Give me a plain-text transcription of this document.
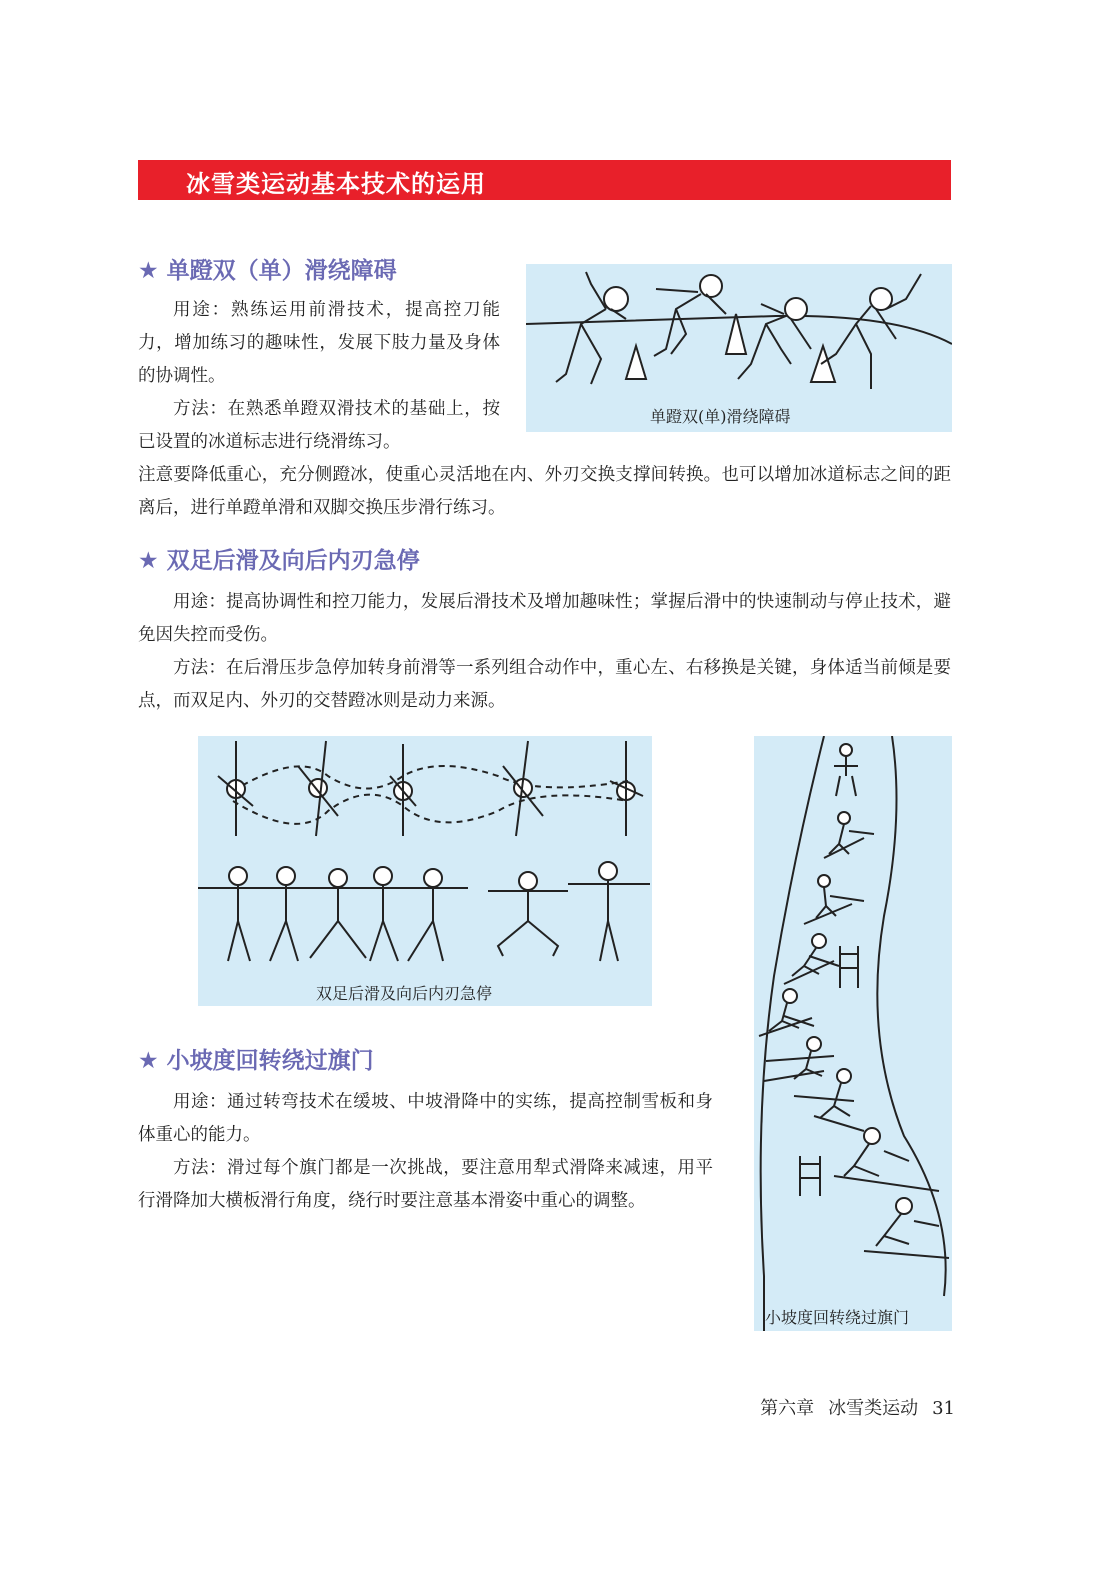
冰雪类运动基本技术的运用
★ 单蹬双（单）滑绕障碍

用途：熟练运用前滑技术，提高控刀能力，增加练习的趣味性，发展下肢力量及身体的协调性。

方法：在熟悉单蹬双滑技术的基础上，按已设置的冰道标志进行绕滑练习。

注意要降低重心，充分侧蹬冰，使重心灵活地在内、外刃交换支撑间转换。也可以增加冰道标志之间的距离后，进行单蹬单滑和双脚交换压步滑行练习。

单蹬双(单)滑绕障碍
★ 双足后滑及向后内刃急停

用途：提高协调性和控刀能力，发展后滑技术及增加趣味性；掌握后滑中的快速制动与停止技术，避免因失控而受伤。

方法：在后滑压步急停加转身前滑等一系列组合动作中，重心左、右移换是关键，身体适当前倾是要点，而双足内、外刃的交替蹬冰则是动力来源。

双足后滑及向后内刃急停
★ 小坡度回转绕过旗门

用途：通过转弯技术在缓坡、中坡滑降中的实练，提高控制雪板和身体重心的能力。

方法：滑过每个旗门都是一次挑战，要注意用犁式滑降来减速，用平行滑降加大横板滑行角度，绕行时要注意基本滑姿中重心的调整。

小坡度回转绕过旗门
第六章 冰雪类运动 31
